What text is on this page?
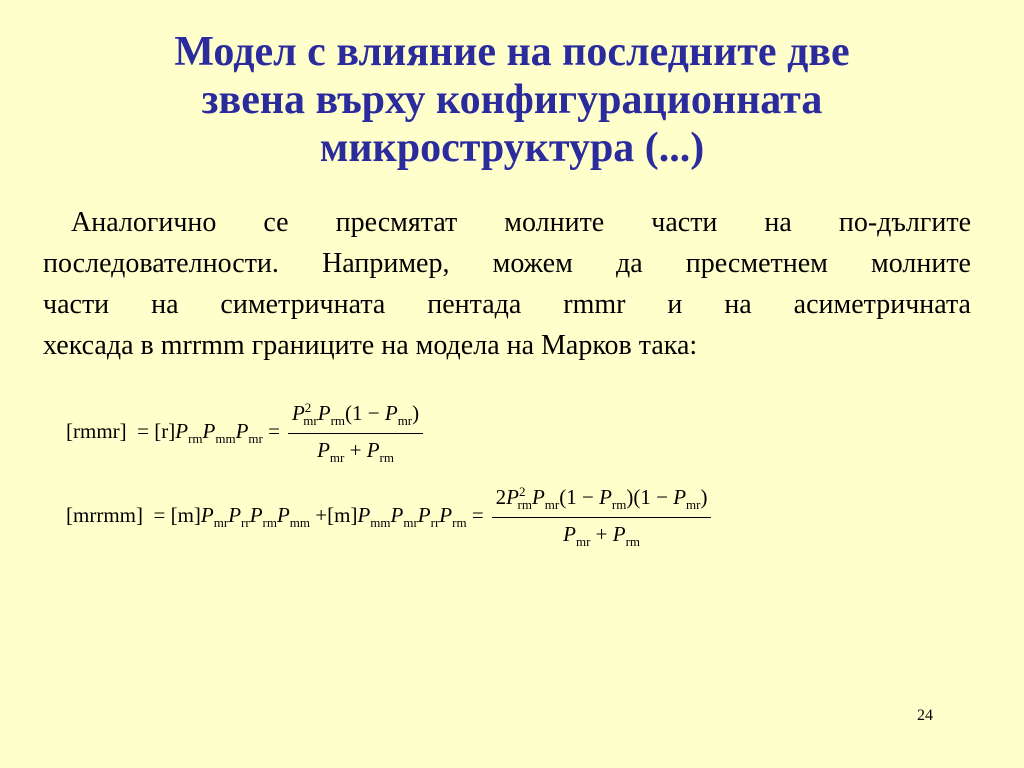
Модел с влияние на последните две
звена върху конфигурационната
микроструктура (...)
Аналогично се пресмятат молните части на по-дългите
последователности. Например, можем да пресметнем молните
части на симетричната пентада rmmr и на асиметричната
хексада в mrrmm границите на модела на Марков така:
[rmmr]  = $[r]P_{rm}P_{mm}P_{mr} = \frac{P^2_{mr}P_{rm}(1 - P_{mr})}{P_{mr} + P_{rm}}$
[mrrmm]  = $[m]P_{mr}P_{rr}P_{rm}P_{mm} +[m]P_{mm}P_{mr}P_{rr}P_{rm} = \frac{2P^2_{rm}P_{mr}(1 - P_{rm})(1 - P_{mr})}{P_{mr} + P_{rm}}$
24
